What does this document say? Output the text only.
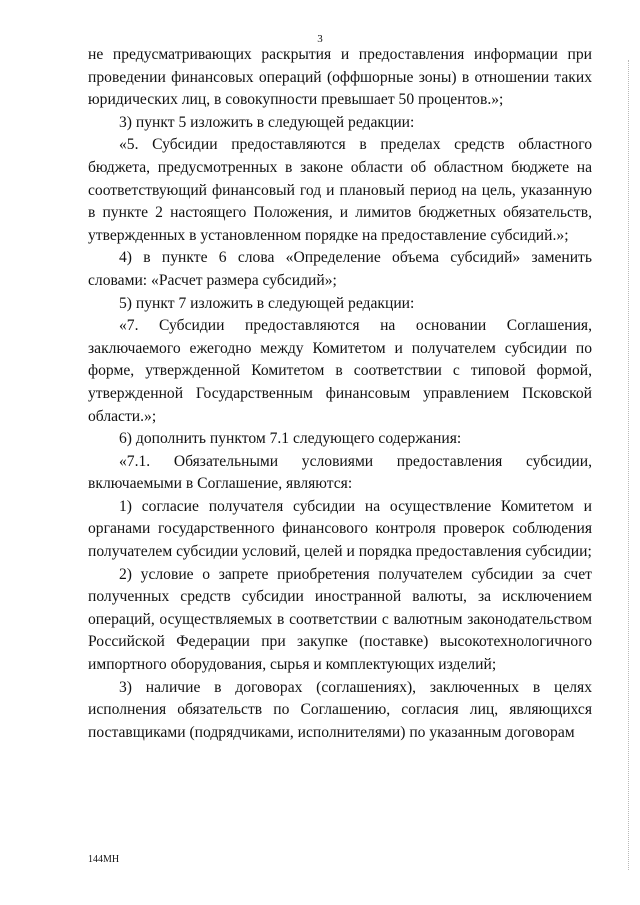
3

не предусматривающих раскрытия и предоставления информации при проведении финансовых операций (оффшорные зоны) в отношении таких юридических лиц, в совокупности превышает 50 процентов.»;

3) пункт 5 изложить в следующей редакции:

«5. Субсидии предоставляются в пределах средств областного бюджета, предусмотренных в законе области об областном бюджете на соответствующий финансовый год и плановый период на цель, указанную в пункте 2 настоящего Положения, и лимитов бюджетных обязательств, утвержденных в установленном порядке на предоставление субсидий.»;

4) в пункте 6 слова «Определение объема субсидий» заменить словами: «Расчет размера субсидий»;

5) пункт 7 изложить в следующей редакции:

«7. Субсидии предоставляются на основании Соглашения, заключаемого ежегодно между Комитетом и получателем субсидии по форме, утвержденной Комитетом в соответствии с типовой формой, утвержденной Государственным финансовым управлением Псковской области.»;

6) дополнить пунктом 7.1 следующего содержания:

«7.1. Обязательными условиями предоставления субсидии, включаемыми в Соглашение, являются:

1) согласие получателя субсидии на осуществление Комитетом и органами государственного финансового контроля проверок соблюдения получателем субсидии условий, целей и порядка предоставления субсидии;

2) условие о запрете приобретения получателем субсидии за счет полученных средств субсидии иностранной валюты, за исключением операций, осуществляемых в соответствии с валютным законодательством Российской Федерации при закупке (поставке) высокотехнологичного импортного оборудования, сырья и комплектующих изделий;

3) наличие в договорах (соглашениях), заключенных в целях исполнения обязательств по Соглашению, согласия лиц, являющихся поставщиками (подрядчиками, исполнителями) по указанным договорам

144МН
